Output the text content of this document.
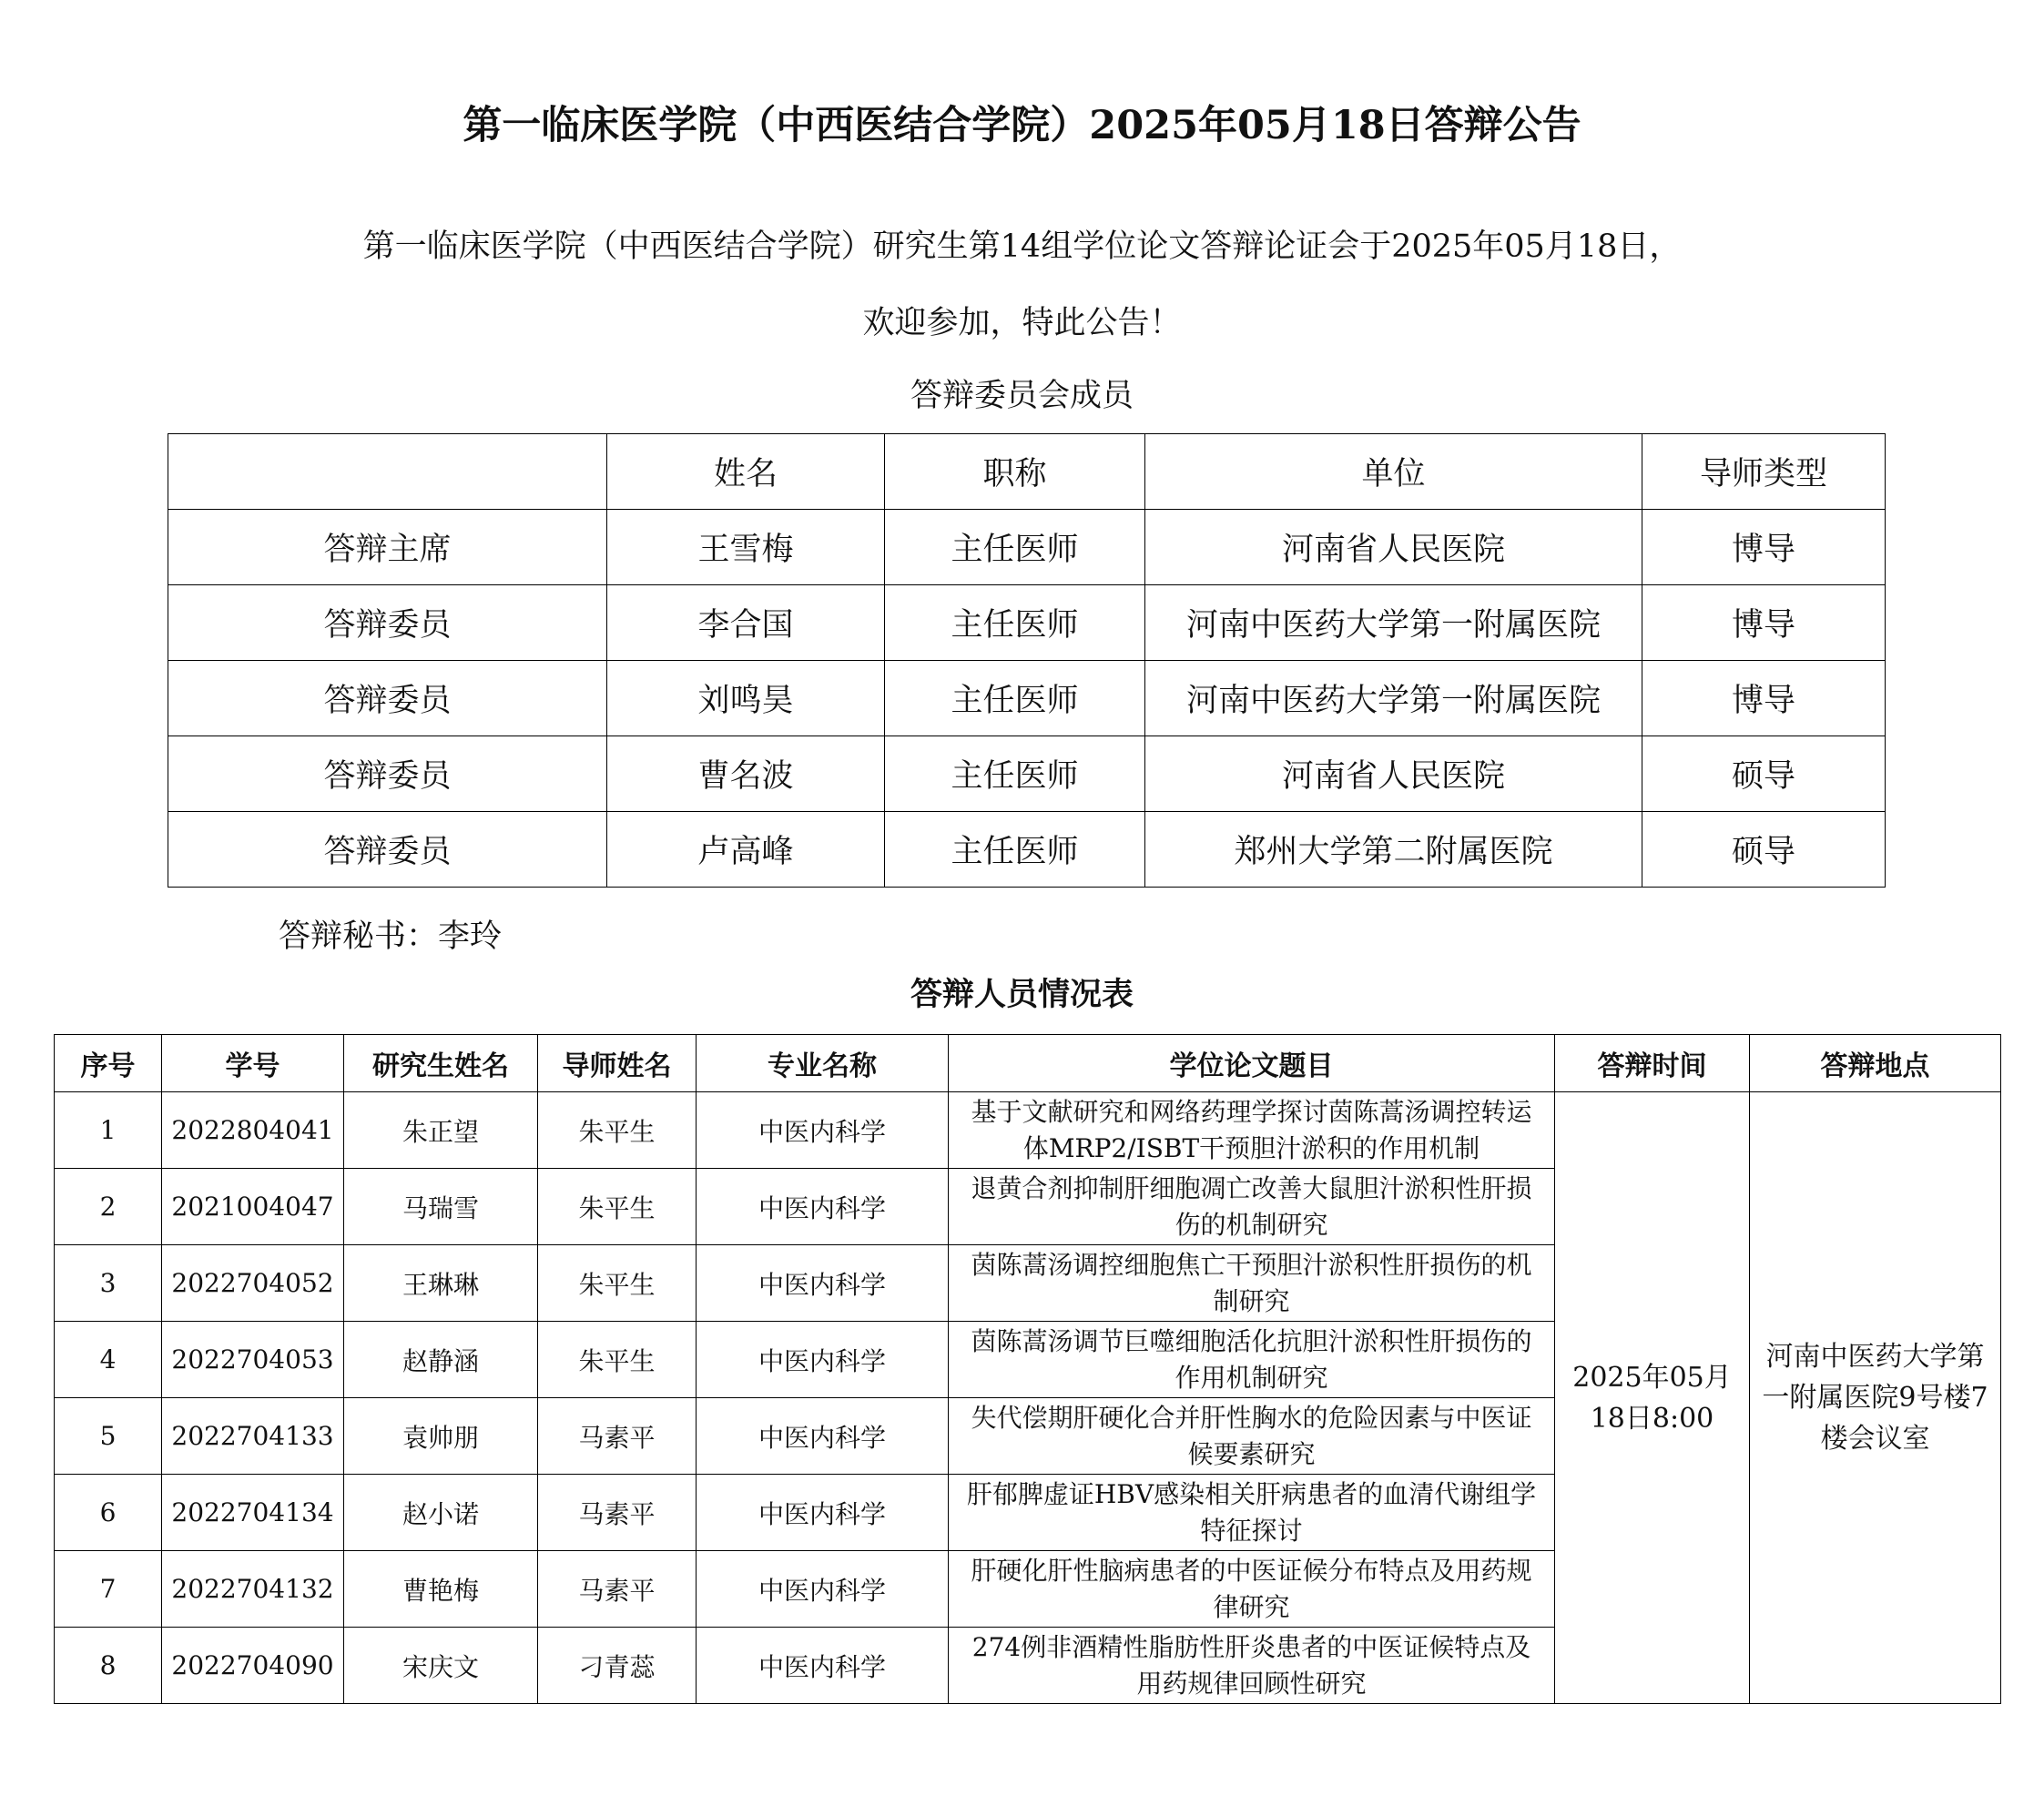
第一临床医学院（中西医结合学院）2025年05月18日答辩公告
第一临床医学院（中西医结合学院）研究生第14组学位论文答辩论证会于2025年05月18日，
欢迎参加，特此公告！
答辩委员会成员
	姓名	职称	单位	导师类型
答辩主席	王雪梅	主任医师	河南省人民医院	博导
答辩委员	李合国	主任医师	河南中医药大学第一附属医院	博导
答辩委员	刘鸣昊	主任医师	河南中医药大学第一附属医院	博导
答辩委员	曹名波	主任医师	河南省人民医院	硕导
答辩委员	卢高峰	主任医师	郑州大学第二附属医院	硕导
答辩秘书：李玲
答辩人员情况表
序号	学号	研究生姓名	导师姓名	专业名称	学位论文题目	答辩时间	答辩地点
1	2022804041	朱正望	朱平生	中医内科学	基于文献研究和网络药理学探讨茵陈蒿汤调控转运体MRP2/ISBT干预胆汁淤积的作用机制	2025年05月18日8:00	河南中医药大学第一附属医院9号楼7楼会议室
2	2021004047	马瑞雪	朱平生	中医内科学	退黄合剂抑制肝细胞凋亡改善大鼠胆汁淤积性肝损伤的机制研究		
3	2022704052	王琳琳	朱平生	中医内科学	茵陈蒿汤调控细胞焦亡干预胆汁淤积性肝损伤的机制研究		
4	2022704053	赵静涵	朱平生	中医内科学	茵陈蒿汤调节巨噬细胞活化抗胆汁淤积性肝损伤的作用机制研究		
5	2022704133	袁帅朋	马素平	中医内科学	失代偿期肝硬化合并肝性胸水的危险因素与中医证候要素研究		
6	2022704134	赵小诺	马素平	中医内科学	肝郁脾虚证HBV感染相关肝病患者的血清代谢组学特征探讨		
7	2022704132	曹艳梅	马素平	中医内科学	肝硬化肝性脑病患者的中医证候分布特点及用药规律研究		
8	2022704090	宋庆文	刁青蕊	中医内科学	274例非酒精性脂肪性肝炎患者的中医证候特点及用药规律回顾性研究		
